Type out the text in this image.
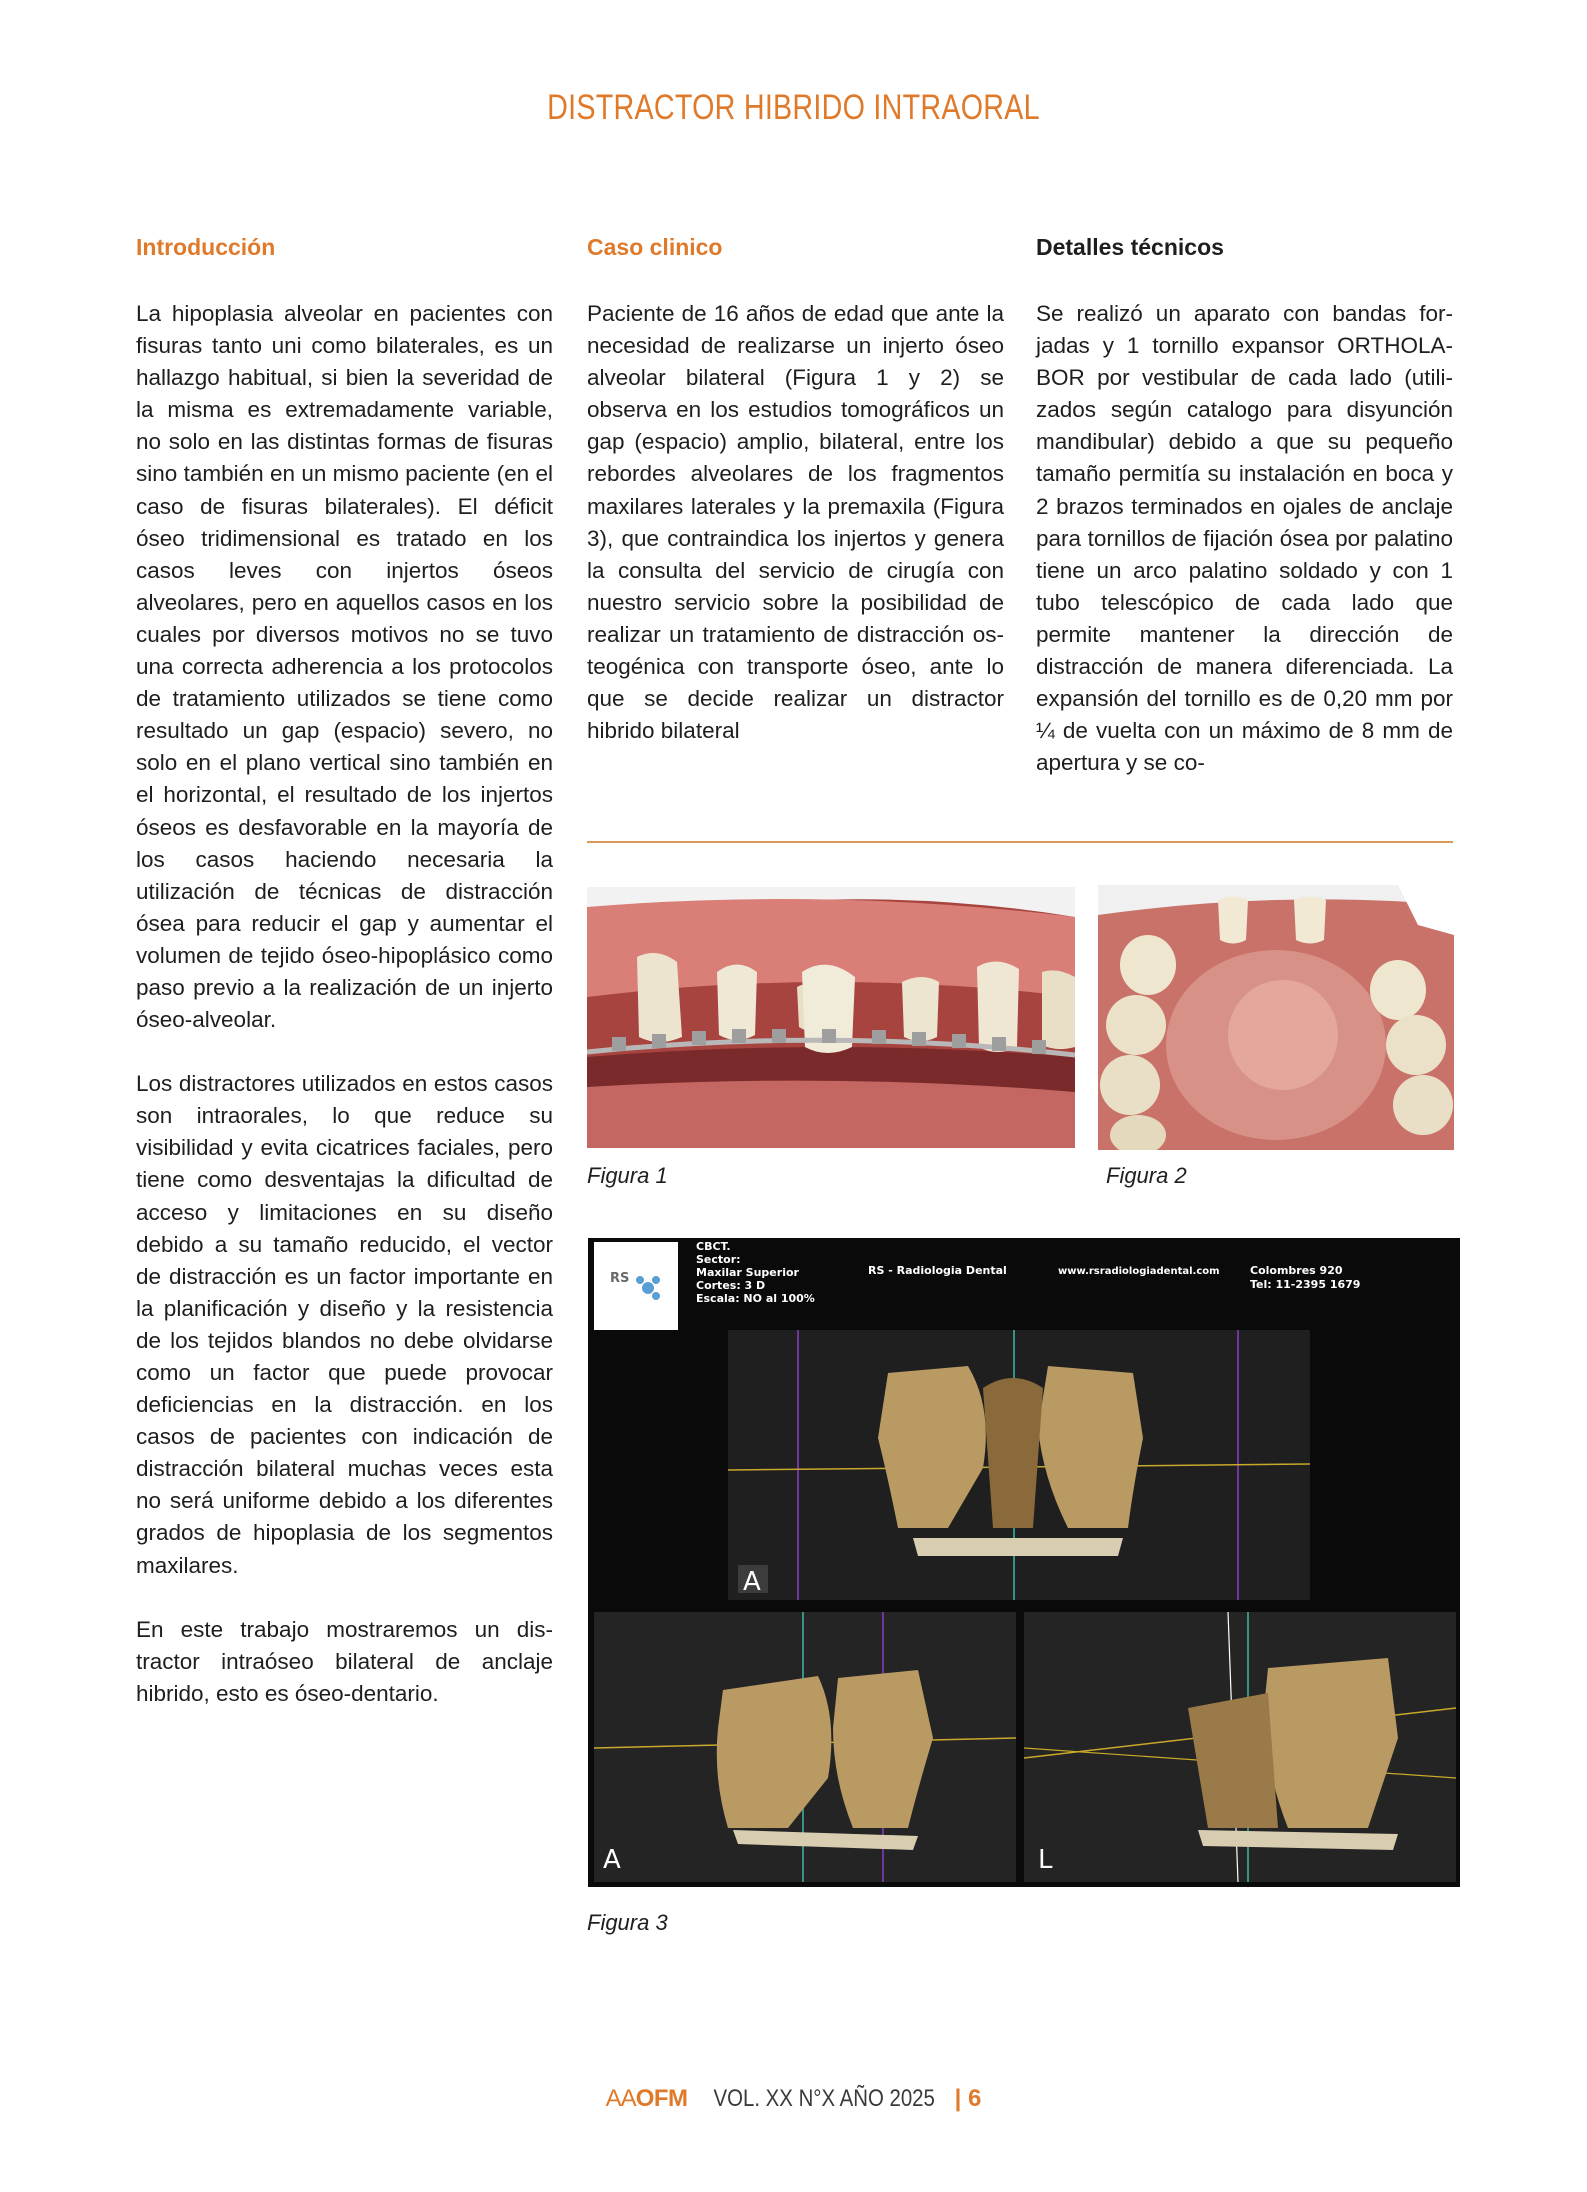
DISTRACTOR HIBRIDO INTRAORAL
Introducción

La hipoplasia alveolar en pacientes con fisuras tanto uni como bilaterales, es un hallazgo habitual, si bien la severidad de la misma es extremadamente variable, no solo en las distintas formas de fisuras sino también en un mismo paciente (en el caso de fisuras bilaterales). El déficit óseo tridimensional es tratado en los casos leves con injertos óseos alveolares, pero en aquellos casos en los cuales por diversos motivos no se tuvo una correcta adherencia a los protocolos de tratamiento utilizados se tiene como resultado un gap (espacio) severo, no solo en el plano vertical sino también en el horizontal, el resultado de los injertos óseos es desfavorable en la mayoría de los casos haciendo necesaria la utilización de técnicas de distracción ósea para reducir el gap y aumentar el volumen de tejido óseo-hipoplásico como paso previo a la realización de un injerto óseo-alveolar.

Los distractores utilizados en estos casos son intraorales, lo que reduce su visibilidad y evita cicatrices faciales, pero tiene como desventajas la dificultad de acceso y limitaciones en su diseño debido a su tamaño reducido, el vector de distracción es un factor importante en la planificación y diseño y la resistencia de los tejidos blandos no debe olvidarse como un factor que puede provocar deficiencias en la distracción. en los casos de pacientes con indicación de distracción bilateral muchas veces esta no será uniforme debido a los diferentes grados de hipoplasia de los segmentos maxilares.

En este trabajo mostraremos un distractor intraóseo bilateral de anclaje hibrido, esto es óseo-dentario.

Caso clinico

Paciente de 16 años de edad que ante la necesidad de realizarse un injerto óseo alveolar bilateral (Figura 1 y 2) se observa en los estudios tomográficos un gap (espacio) amplio, bilateral, entre los rebordes alveolares de los fragmentos maxilares laterales y la premaxila (Figura 3), que contraindica los injertos y genera la consulta del servicio de cirugía con nuestro servicio sobre la posibilidad de realizar un tratamiento de distracción osteogénica con transporte óseo, ante lo que se decide realizar un distractor hibrido bilateral

Detalles técnicos

Se realizó un aparato con bandas forjadas y 1 tornillo expansor ORTHOLABOR por vestibular de cada lado (utilizados según catalogo para disyunción mandibular) debido a que su pequeño tamaño permitía su instalación en boca y 2 brazos terminados en ojales de anclaje para tornillos de fijación ósea por palatino tiene un arco palatino soldado y con 1 tubo telescópico de cada lado que permite mantener la dirección de distracción de manera diferenciada. La expansión del tornillo es de 0,20 mm por ¼ de vuelta con un máximo de 8 mm de apertura y se co-

RS
CBCT.
Sector:
Maxilar Superior
Cortes: 3 D
Escala: NO al 100%
RS - Radiologia Dental	www.rsradiologiadental.com	Colombres 920
Tel: 11-2395 1679
A
A	L
Figura 1	Figura 2
Figura 3
AAOFM VOL. XX N°X AÑO 2025 | 6
